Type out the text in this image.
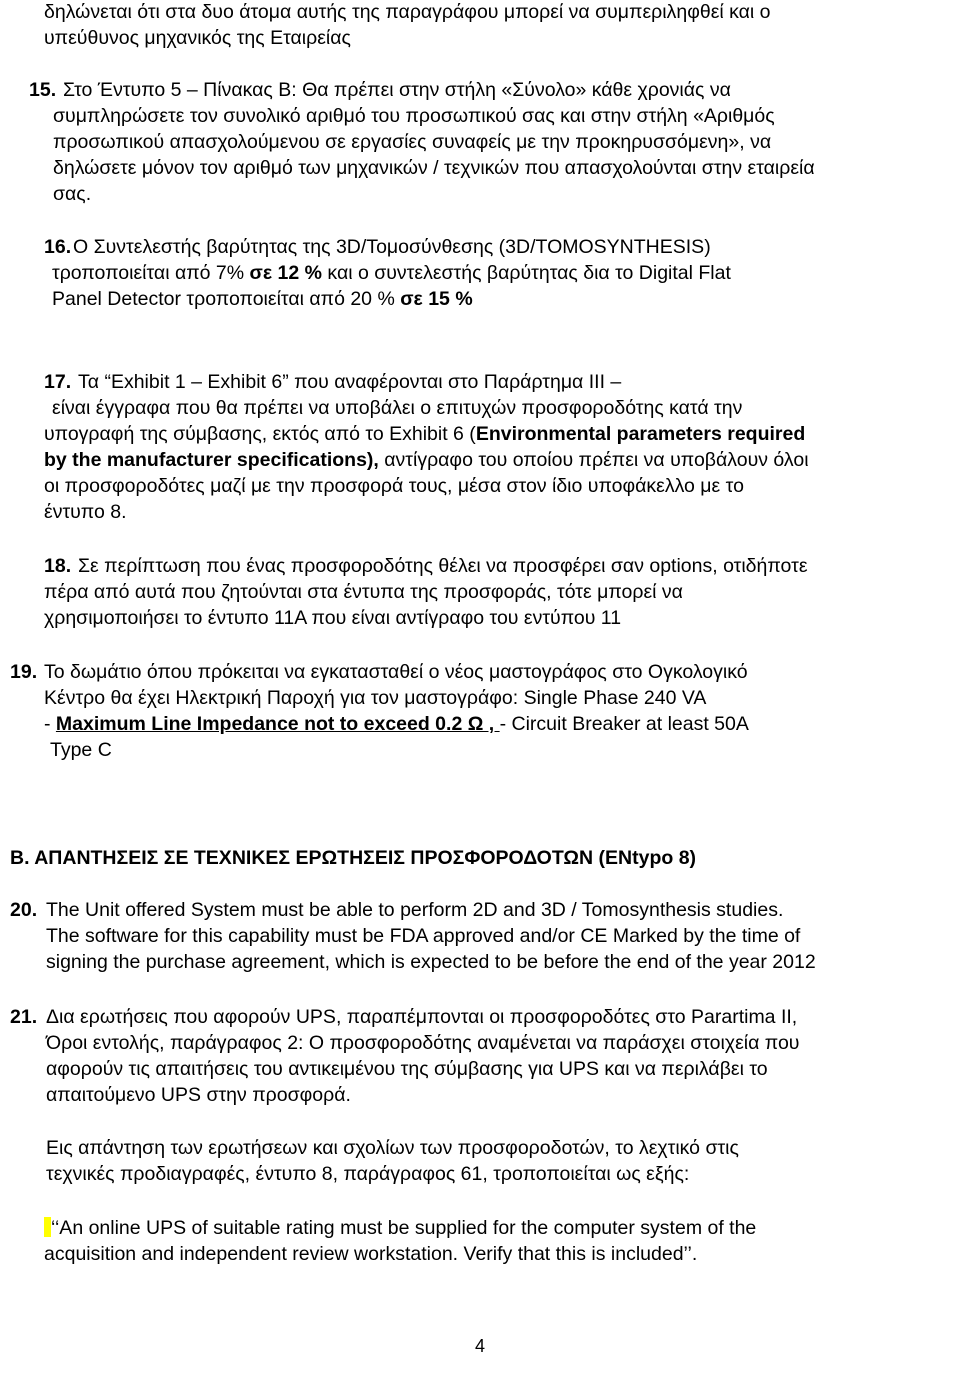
δηλώνεται ότι στα δυο άτομα αυτής της παραγράφου μπορεί να συμπεριληφθεί και ο

υπεύθυνος μηχανικός της Εταιρείας

15. Στο Έντυπο 5 – Πίνακας Β: Θα πρέπει στην στήλη «Σύνολο» κάθε χρονιάς να

συμπληρώσετε τον συνολικό αριθμό του προσωπικού σας και στην στήλη «Αριθμός

προσωπικού απασχολούμενου σε εργασίες συναφείς με την προκηρυσσόμενη», να

δηλώσετε μόνον τον αριθμό των μηχανικών / τεχνικών που απασχολούνται στην εταιρεία

σας.

16.Ο Συντελεστής βαρύτητας της 3D/Τομοσύνθεσης (3D/TOMOSYNTHESIS)

τροποποιείται από 7% σε 12 % και ο συντελεστής βαρύτητας δια το Digital Flat

Panel Detector τροποποιείται από 20 % σε 15 %

17. Τα “Exhibit 1 – Exhibit 6” που αναφέρονται στο Παράρτημα ΙΙΙ –

είναι έγγραφα που θα πρέπει να υποβάλει ο επιτυχών προσφοροδότης κατά την

υπογραφή της σύμβασης, εκτός από το Exhibit 6 (Environmental parameters required

by the manufacturer specifications), αντίγραφο του οποίου πρέπει να υποβάλουν όλοι

οι προσφοροδότες μαζί με την προσφορά τους, μέσα στον ίδιο υποφάκελλο με το

έντυπο 8.

18. Σε περίπτωση που ένας προσφοροδότης θέλει να προσφέρει σαν options, οτιδήποτε

πέρα από αυτά που ζητούνται στα έντυπα της προσφοράς, τότε μπορεί να

χρησιμοποιήσει το έντυπο 11Α που είναι αντίγραφο του εντύπου 11

19. Το δωμάτιο όπου πρόκειται να εγκατασταθεί ο νέος μαστογράφος στο Ογκολογικό

Κέντρο θα έχει Ηλεκτρική Παροχή για τον μαστογράφο: Single Phase 240 VA

- Maximum Line Impedance not to exceed 0.2 Ω , - Circuit Breaker at least 50A

Type C

Β. ΑΠΑΝΤΗΣΕΙΣ ΣΕ ΤΕΧΝΙΚΕΣ ΕΡΩΤΗΣΕΙΣ ΠΡΟΣΦΟΡΟΔΟΤΩΝ (ENtypo 8)

20. The Unit offered System must be able to perform 2D and 3D / Tomosynthesis studies.

The software for this capability must be FDA approved and/or CE Marked by the time of

signing the purchase agreement, which is expected to be before the end of the year 2012

21. Δια ερωτήσεις που αφορούν UPS, παραπέμπονται οι προσφοροδότες στο Parartima II,

Όροι εντολής, παράγραφος 2: Ο προσφοροδότης αναμένεται να παράσχει στοιχεία που

αφορούν τις απαιτήσεις του αντικειμένου της σύμβασης για UPS και να περιλάβει το

απαιτούμενο UPS στην προσφορά.

Εις απάντηση των ερωτήσεων και σχολίων των προσφοροδοτών, το λεχτικό στις

τεχνικές προδιαγραφές, έντυπο 8, παράγραφος 61, τροποποιείται ως εξής:

‘‘An online UPS of suitable rating must be supplied for the computer system of the

acquisition and independent review workstation. Verify that this is included’’.

4
